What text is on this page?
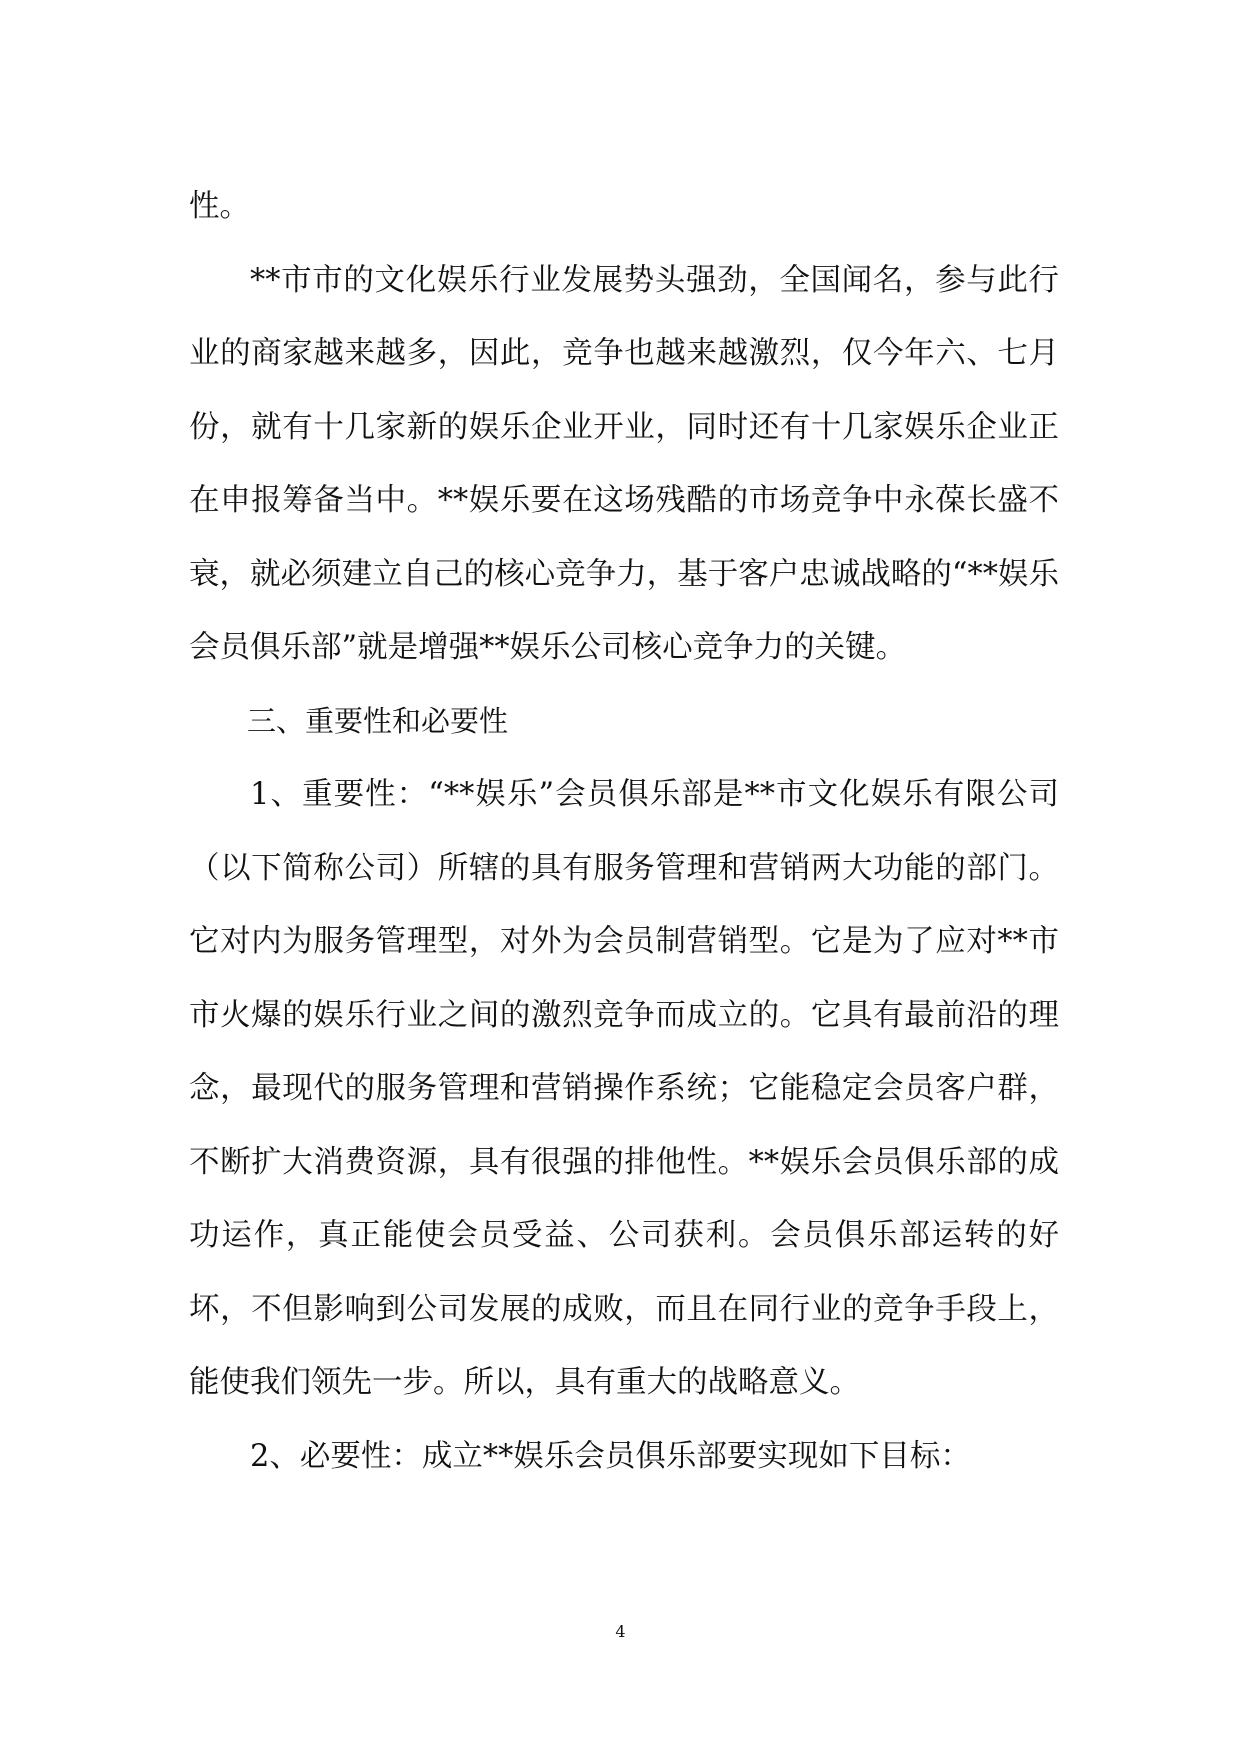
性。

**市市的文化娱乐行业发展势头强劲，全国闻名，参与此行业的商家越来越多，因此，竞争也越来越激烈，仅今年六、七月份，就有十几家新的娱乐企业开业，同时还有十几家娱乐企业正在申报筹备当中。**娱乐要在这场残酷的市场竞争中永葆长盛不衰，就必须建立自己的核心竞争力，基于客户忠诚战略的“**娱乐会员俱乐部”就是增强**娱乐公司核心竞争力的关键。

三、重要性和必要性

1、重要性：“**娱乐”会员俱乐部是**市文化娱乐有限公司（以下简称公司）所辖的具有服务管理和营销两大功能的部门。它对内为服务管理型，对外为会员制营销型。它是为了应对**市市火爆的娱乐行业之间的激烈竞争而成立的。它具有最前沿的理念，最现代的服务管理和营销操作系统；它能稳定会员客户群，不断扩大消费资源，具有很强的排他性。**娱乐会员俱乐部的成功运作，真正能使会员受益、公司获利。会员俱乐部运转的好坏，不但影响到公司发展的成败，而且在同行业的竞争手段上，能使我们领先一步。所以，具有重大的战略意义。

2、必要性：成立**娱乐会员俱乐部要实现如下目标：

4
